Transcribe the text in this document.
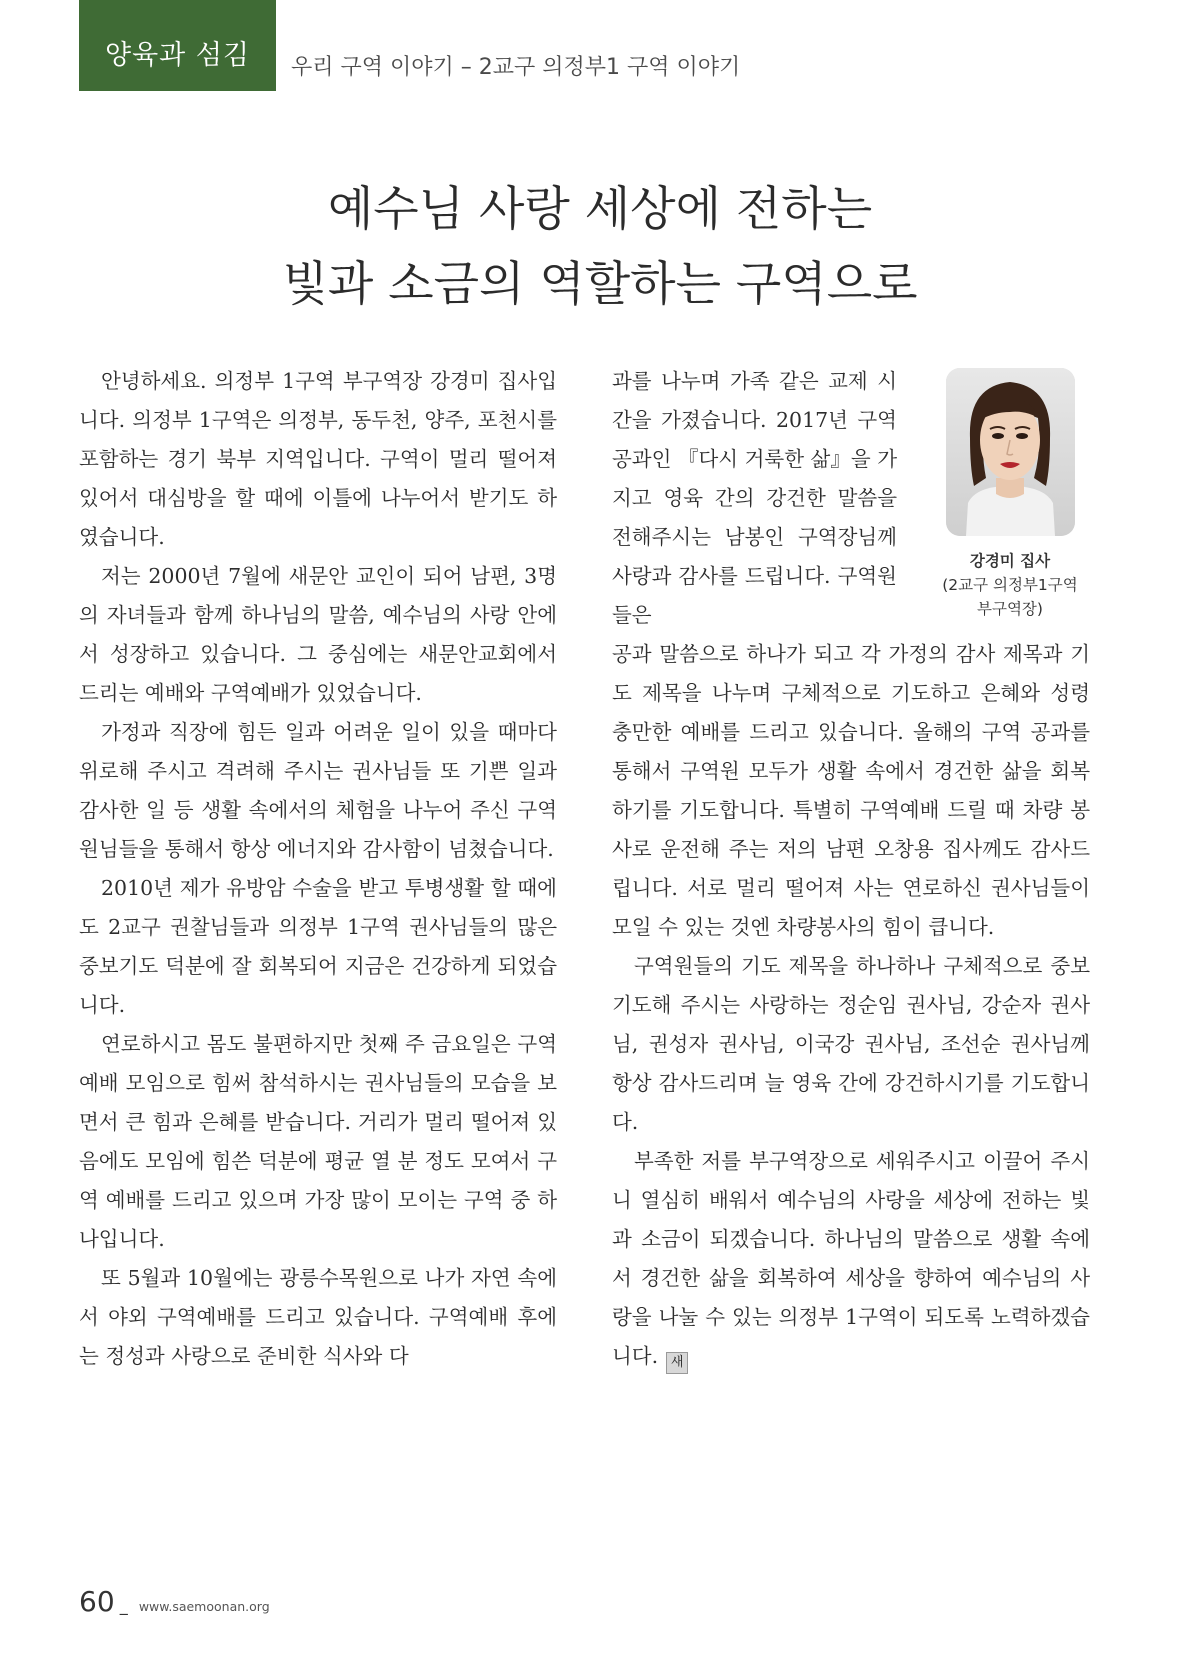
양육과 섬김 우리 구역 이야기 – 2교구 의정부1 구역 이야기
예수님 사랑 세상에 전하는
빛과 소금의 역할하는 구역으로

안녕하세요. 의정부 1구역 부구역장 강경미 집사입니다. 의정부 1구역은 의정부, 동두천, 양주, 포천시를 포함하는 경기 북부 지역입니다. 구역이 멀리 떨어져 있어서 대심방을 할 때에 이틀에 나누어서 받기도 하였습니다.

저는 2000년 7월에 새문안 교인이 되어 남편, 3명의 자녀들과 함께 하나님의 말씀, 예수님의 사랑 안에서 성장하고 있습니다. 그 중심에는 새문안교회에서 드리는 예배와 구역예배가 있었습니다.

가정과 직장에 힘든 일과 어려운 일이 있을 때마다 위로해 주시고 격려해 주시는 권사님들 또 기쁜 일과 감사한 일 등 생활 속에서의 체험을 나누어 주신 구역원님들을 통해서 항상 에너지와 감사함이 넘쳤습니다.

2010년 제가 유방암 수술을 받고 투병생활 할 때에도 2교구 권찰님들과 의정부 1구역 권사님들의 많은 중보기도 덕분에 잘 회복되어 지금은 건강하게 되었습니다.

연로하시고 몸도 불편하지만 첫째 주 금요일은 구역예배 모임으로 힘써 참석하시는 권사님들의 모습을 보면서 큰 힘과 은혜를 받습니다. 거리가 멀리 떨어져 있음에도 모임에 힘쓴 덕분에 평균 열 분 정도 모여서 구역 예배를 드리고 있으며 가장 많이 모이는 구역 중 하나입니다.

또 5월과 10월에는 광릉수목원으로 나가 자연 속에서 야외 구역예배를 드리고 있습니다. 구역예배 후에는 정성과 사랑으로 준비한 식사와 다

과를 나누며 가족 같은 교제 시간을 가졌습니다. 2017년 구역 공과인 『다시 거룩한 삶』을 가지고 영육 간의 강건한 말씀을 전해주시는 남봉인 구역장님께 사랑과 감사를 드립니다. 구역원들은

강경미 집사
(2교구 의정부1구역
부구역장)

공과 말씀으로 하나가 되고 각 가정의 감사 제목과 기도 제목을 나누며 구체적으로 기도하고 은혜와 성령 충만한 예배를 드리고 있습니다. 올해의 구역 공과를 통해서 구역원 모두가 생활 속에서 경건한 삶을 회복하기를 기도합니다. 특별히 구역예배 드릴 때 차량 봉사로 운전해 주는 저의 남편 오창용 집사께도 감사드립니다. 서로 멀리 떨어져 사는 연로하신 권사님들이 모일 수 있는 것엔 차량봉사의 힘이 큽니다.

구역원들의 기도 제목을 하나하나 구체적으로 중보 기도해 주시는 사랑하는 정순임 권사님, 강순자 권사님, 권성자 권사님, 이국강 권사님, 조선순 권사님께 항상 감사드리며 늘 영육 간에 강건하시기를 기도합니다.

부족한 저를 부구역장으로 세워주시고 이끌어 주시니 열심히 배워서 예수님의 사랑을 세상에 전하는 빛과 소금이 되겠습니다. 하나님의 말씀으로 생활 속에서 경건한 삶을 회복하여 세상을 향하여 예수님의 사랑을 나눌 수 있는 의정부 1구역이 되도록 노력하겠습니다. 새

60 _ www.saemoonan.org
